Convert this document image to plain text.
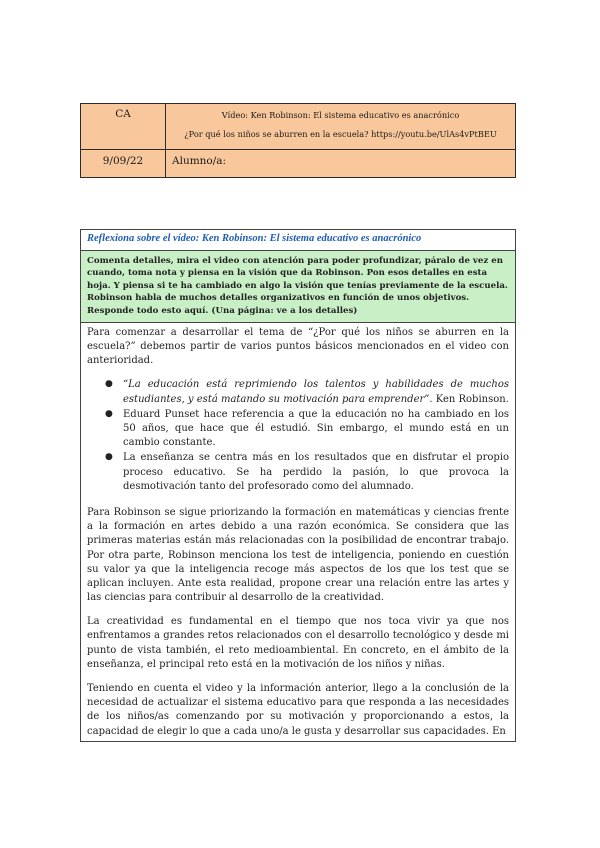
CA	Vídeo: Ken Robinson: El sistema educativo es anacrónico
¿Por qué los niños se aburren en la escuela? https://youtu.be/UlAs4vPtBEU

9/09/22	Alumno/a:
Reflexiona sobre el vídeo: Ken Robinson: El sistema educativo es anacrónico
Comenta detalles, mira el video con atención para poder profundizar, páralo de vez en cuando, toma nota y piensa en la visión que da Robinson. Pon esos detalles en esta hoja. Y piensa si te ha cambiado en algo la visión que tenías previamente de la escuela. Robinson habla de muchos detalles organizativos en función de unos objetivos. Responde todo esto aquí. (Una página: ve a los detalles)

Para comenzar a desarrollar el tema de “¿Por qué los niños se aburren en la escuela?” debemos partir de varios puntos básicos mencionados en el video con anterioridad.

● “La educación está reprimiendo los talentos y habilidades de muchos estudiantes, y está matando su motivación para emprender”. Ken Robinson.
● Eduard Punset hace referencia a que la educación no ha cambiado en los 50 años, que hace que él estudió. Sin embargo, el mundo está en un cambio constante.
● La enseñanza se centra más en los resultados que en disfrutar el propio proceso educativo. Se ha perdido la pasión, lo que provoca la desmotivación tanto del profesorado como del alumnado.

Para Robinson se sigue priorizando la formación en matemáticas y ciencias frente a la formación en artes debido a una razón económica. Se considera que las primeras materias están más relacionadas con la posibilidad de encontrar trabajo. Por otra parte, Robinson menciona los test de inteligencia, poniendo en cuestión su valor ya que la inteligencia recoge más aspectos de los que los test que se aplican incluyen. Ante esta realidad, propone crear una relación entre las artes y las ciencias para contribuir al desarrollo de la creatividad.

La creatividad es fundamental en el tiempo que nos toca vivir ya que nos enfrentamos a grandes retos relacionados con el desarrollo tecnológico y desde mi punto de vista también, el reto medioambiental. En concreto, en el ámbito de la enseñanza, el principal reto está en la motivación de los niños y niñas.

Teniendo en cuenta el video y la información anterior, llego a la conclusión de la necesidad de actualizar el sistema educativo para que responda a las necesidades de los niños/as comenzando por su motivación y proporcionando a estos, la capacidad de elegir lo que a cada uno/a le gusta y desarrollar sus capacidades. En
